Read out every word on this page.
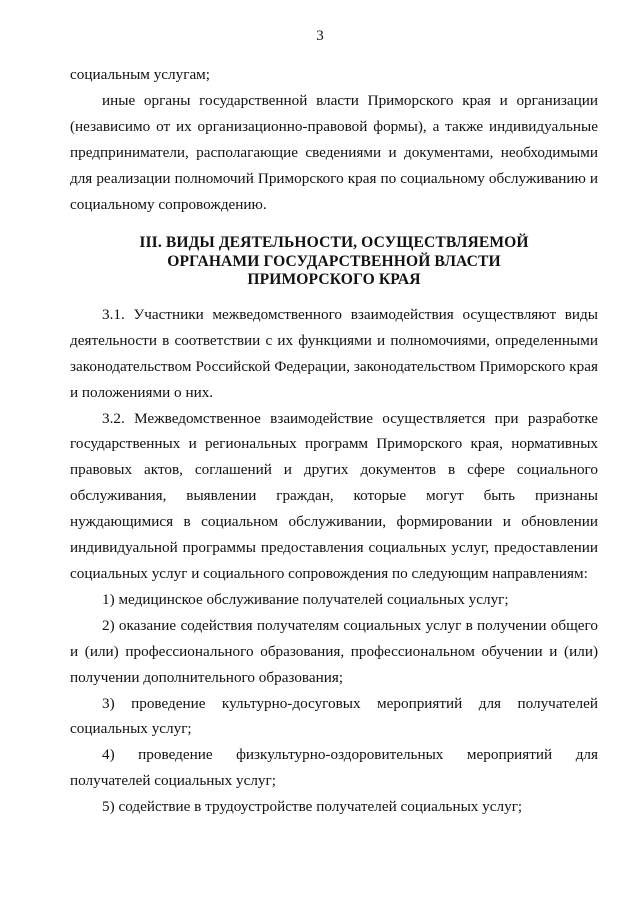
3

социальным услугам;

иные органы государственной власти Приморского края и организации (независимо от их организационно-правовой формы), а также индивидуальные предприниматели, располагающие сведениями и документами, необходимыми для реализации полномочий Приморского края по социальному обслуживанию и социальному сопровождению.

III. ВИДЫ ДЕЯТЕЛЬНОСТИ, ОСУЩЕСТВЛЯЕМОЙ
ОРГАНАМИ ГОСУДАРСТВЕННОЙ ВЛАСТИ
ПРИМОРСКОГО КРАЯ

3.1. Участники межведомственного взаимодействия осуществляют виды деятельности в соответствии с их функциями и полномочиями, определенными законодательством Российской Федерации, законодательством Приморского края и положениями о них.

3.2. Межведомственное взаимодействие осуществляется при разработке государственных и региональных программ Приморского края, нормативных правовых актов, соглашений и других документов в сфере социального обслуживания, выявлении граждан, которые могут быть признаны нуждающимися в социальном обслуживании, формировании и обновлении индивидуальной программы предоставления социальных услуг, предоставлении социальных услуг и социального сопровождения по следующим направлениям:

1) медицинское обслуживание получателей социальных услуг;

2) оказание содействия получателям социальных услуг в получении общего и (или) профессионального образования, профессиональном обучении и (или) получении дополнительного образования;

3) проведение культурно-досуговых мероприятий для получателей социальных услуг;

4) проведение физкультурно-оздоровительных мероприятий для получателей социальных услуг;

5) содействие в трудоустройстве получателей социальных услуг;
